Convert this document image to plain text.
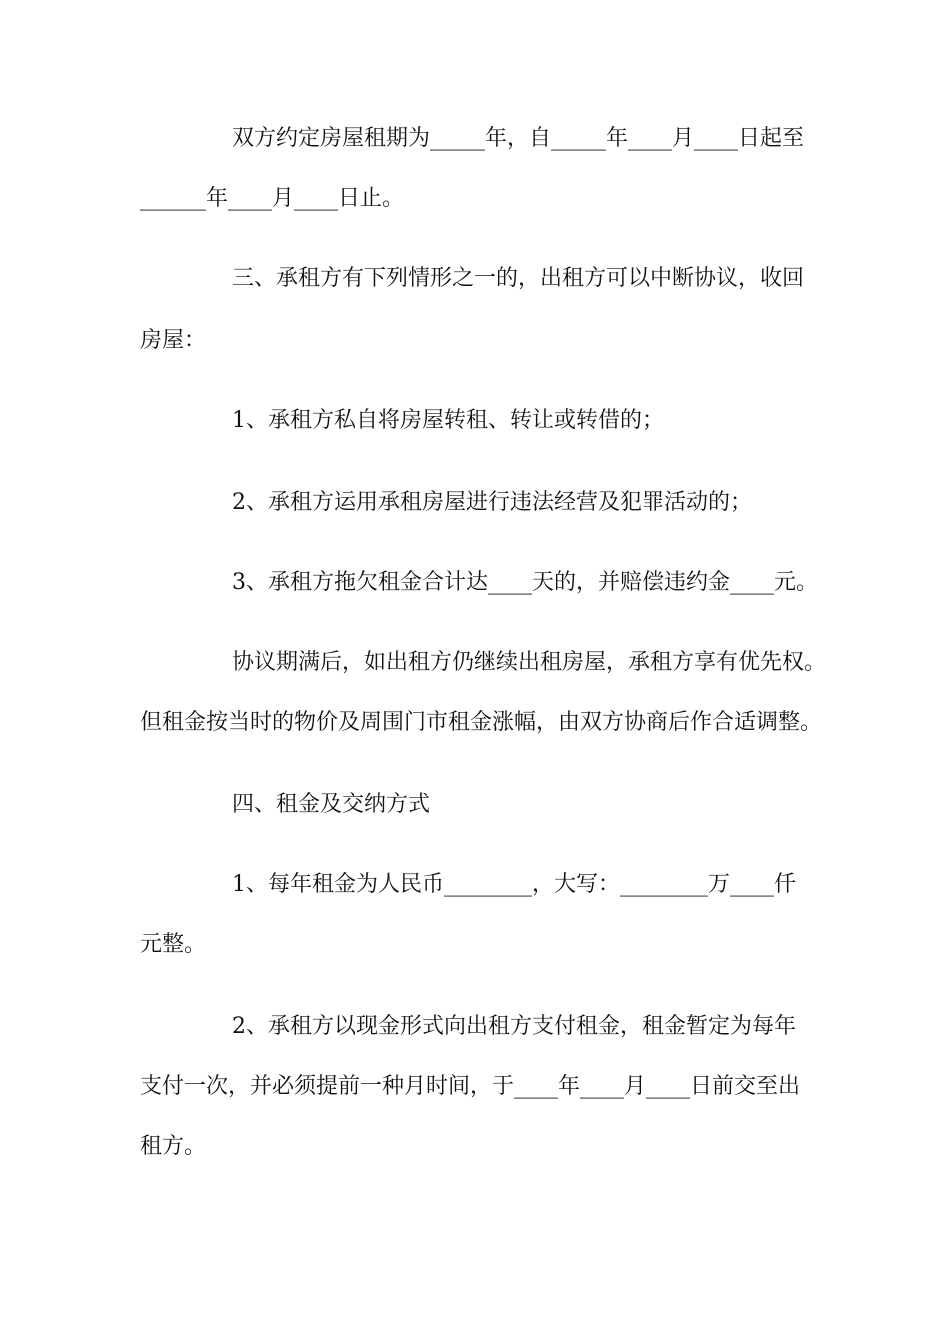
双方约定房屋租期为_____年，自_____年____月____日起至
______年____月____日止。
三、承租方有下列情形之一的，出租方可以中断协议，收回
房屋：
1、承租方私自将房屋转租、转让或转借的；
2、承租方运用承租房屋进行违法经营及犯罪活动的；
3、承租方拖欠租金合计达____天的，并赔偿违约金____元。
协议期满后，如出租方仍继续出租房屋，承租方享有优先权。
但租金按当时的物价及周围门市租金涨幅，由双方协商后作合适调整。
四、租金及交纳方式
1、每年租金为人民币________，大写：________万____仟
元整。
2、承租方以现金形式向出租方支付租金，租金暂定为每年
支付一次，并必须提前一种月时间，于____年____月____日前交至出
租方。
